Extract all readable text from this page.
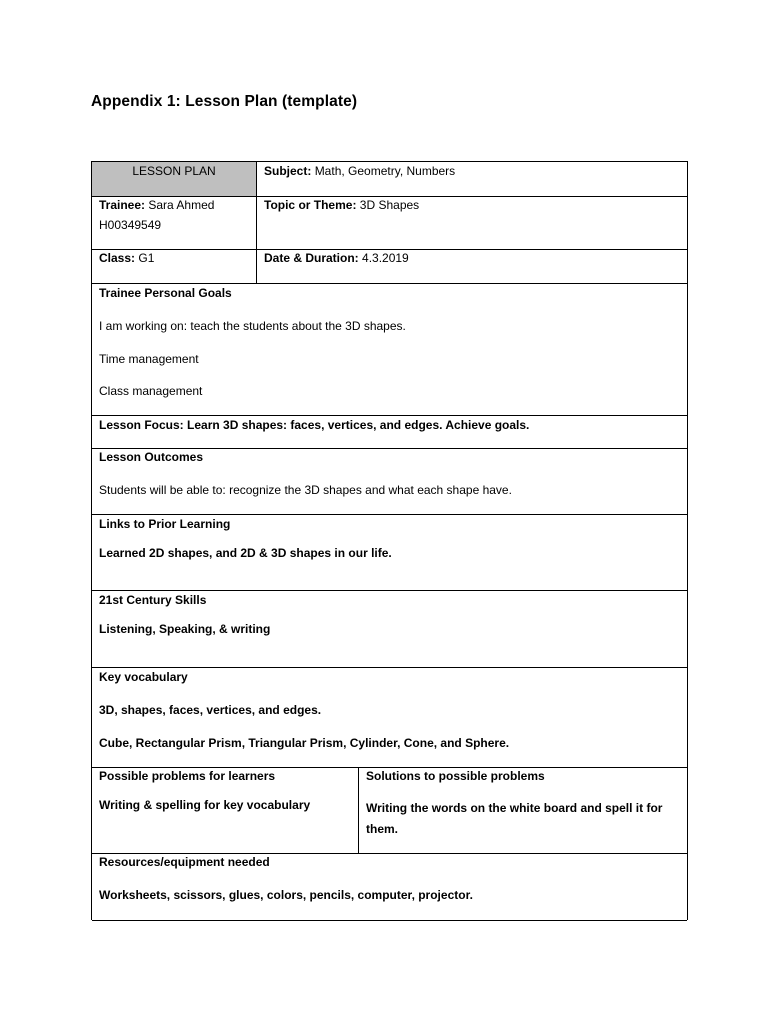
Appendix 1: Lesson Plan (template)
LESSON PLAN	Subject: Math, Geometry, Numbers
Trainee: Sara Ahmed
H00349549
Topic or Theme: 3D Shapes
Class: G1	Date & Duration: 4.3.2019
Trainee Personal Goals
I am working on: teach the students about the 3D shapes.
Time management
Class management
Lesson Focus: Learn 3D shapes: faces, vertices, and edges. Achieve goals.
Lesson Outcomes
Students will be able to: recognize the 3D shapes and what each shape have.
Links to Prior Learning
Learned 2D shapes, and 2D & 3D shapes in our life.
21st Century Skills
Listening, Speaking, & writing
Key vocabulary
3D, shapes, faces, vertices, and edges.
Cube, Rectangular Prism, Triangular Prism, Cylinder, Cone, and Sphere.
Possible problems for learners
Writing & spelling for key vocabulary
Solutions to possible problems
Writing the words on the white board and spell it for
them.
Resources/equipment needed
Worksheets, scissors, glues, colors, pencils, computer, projector.
